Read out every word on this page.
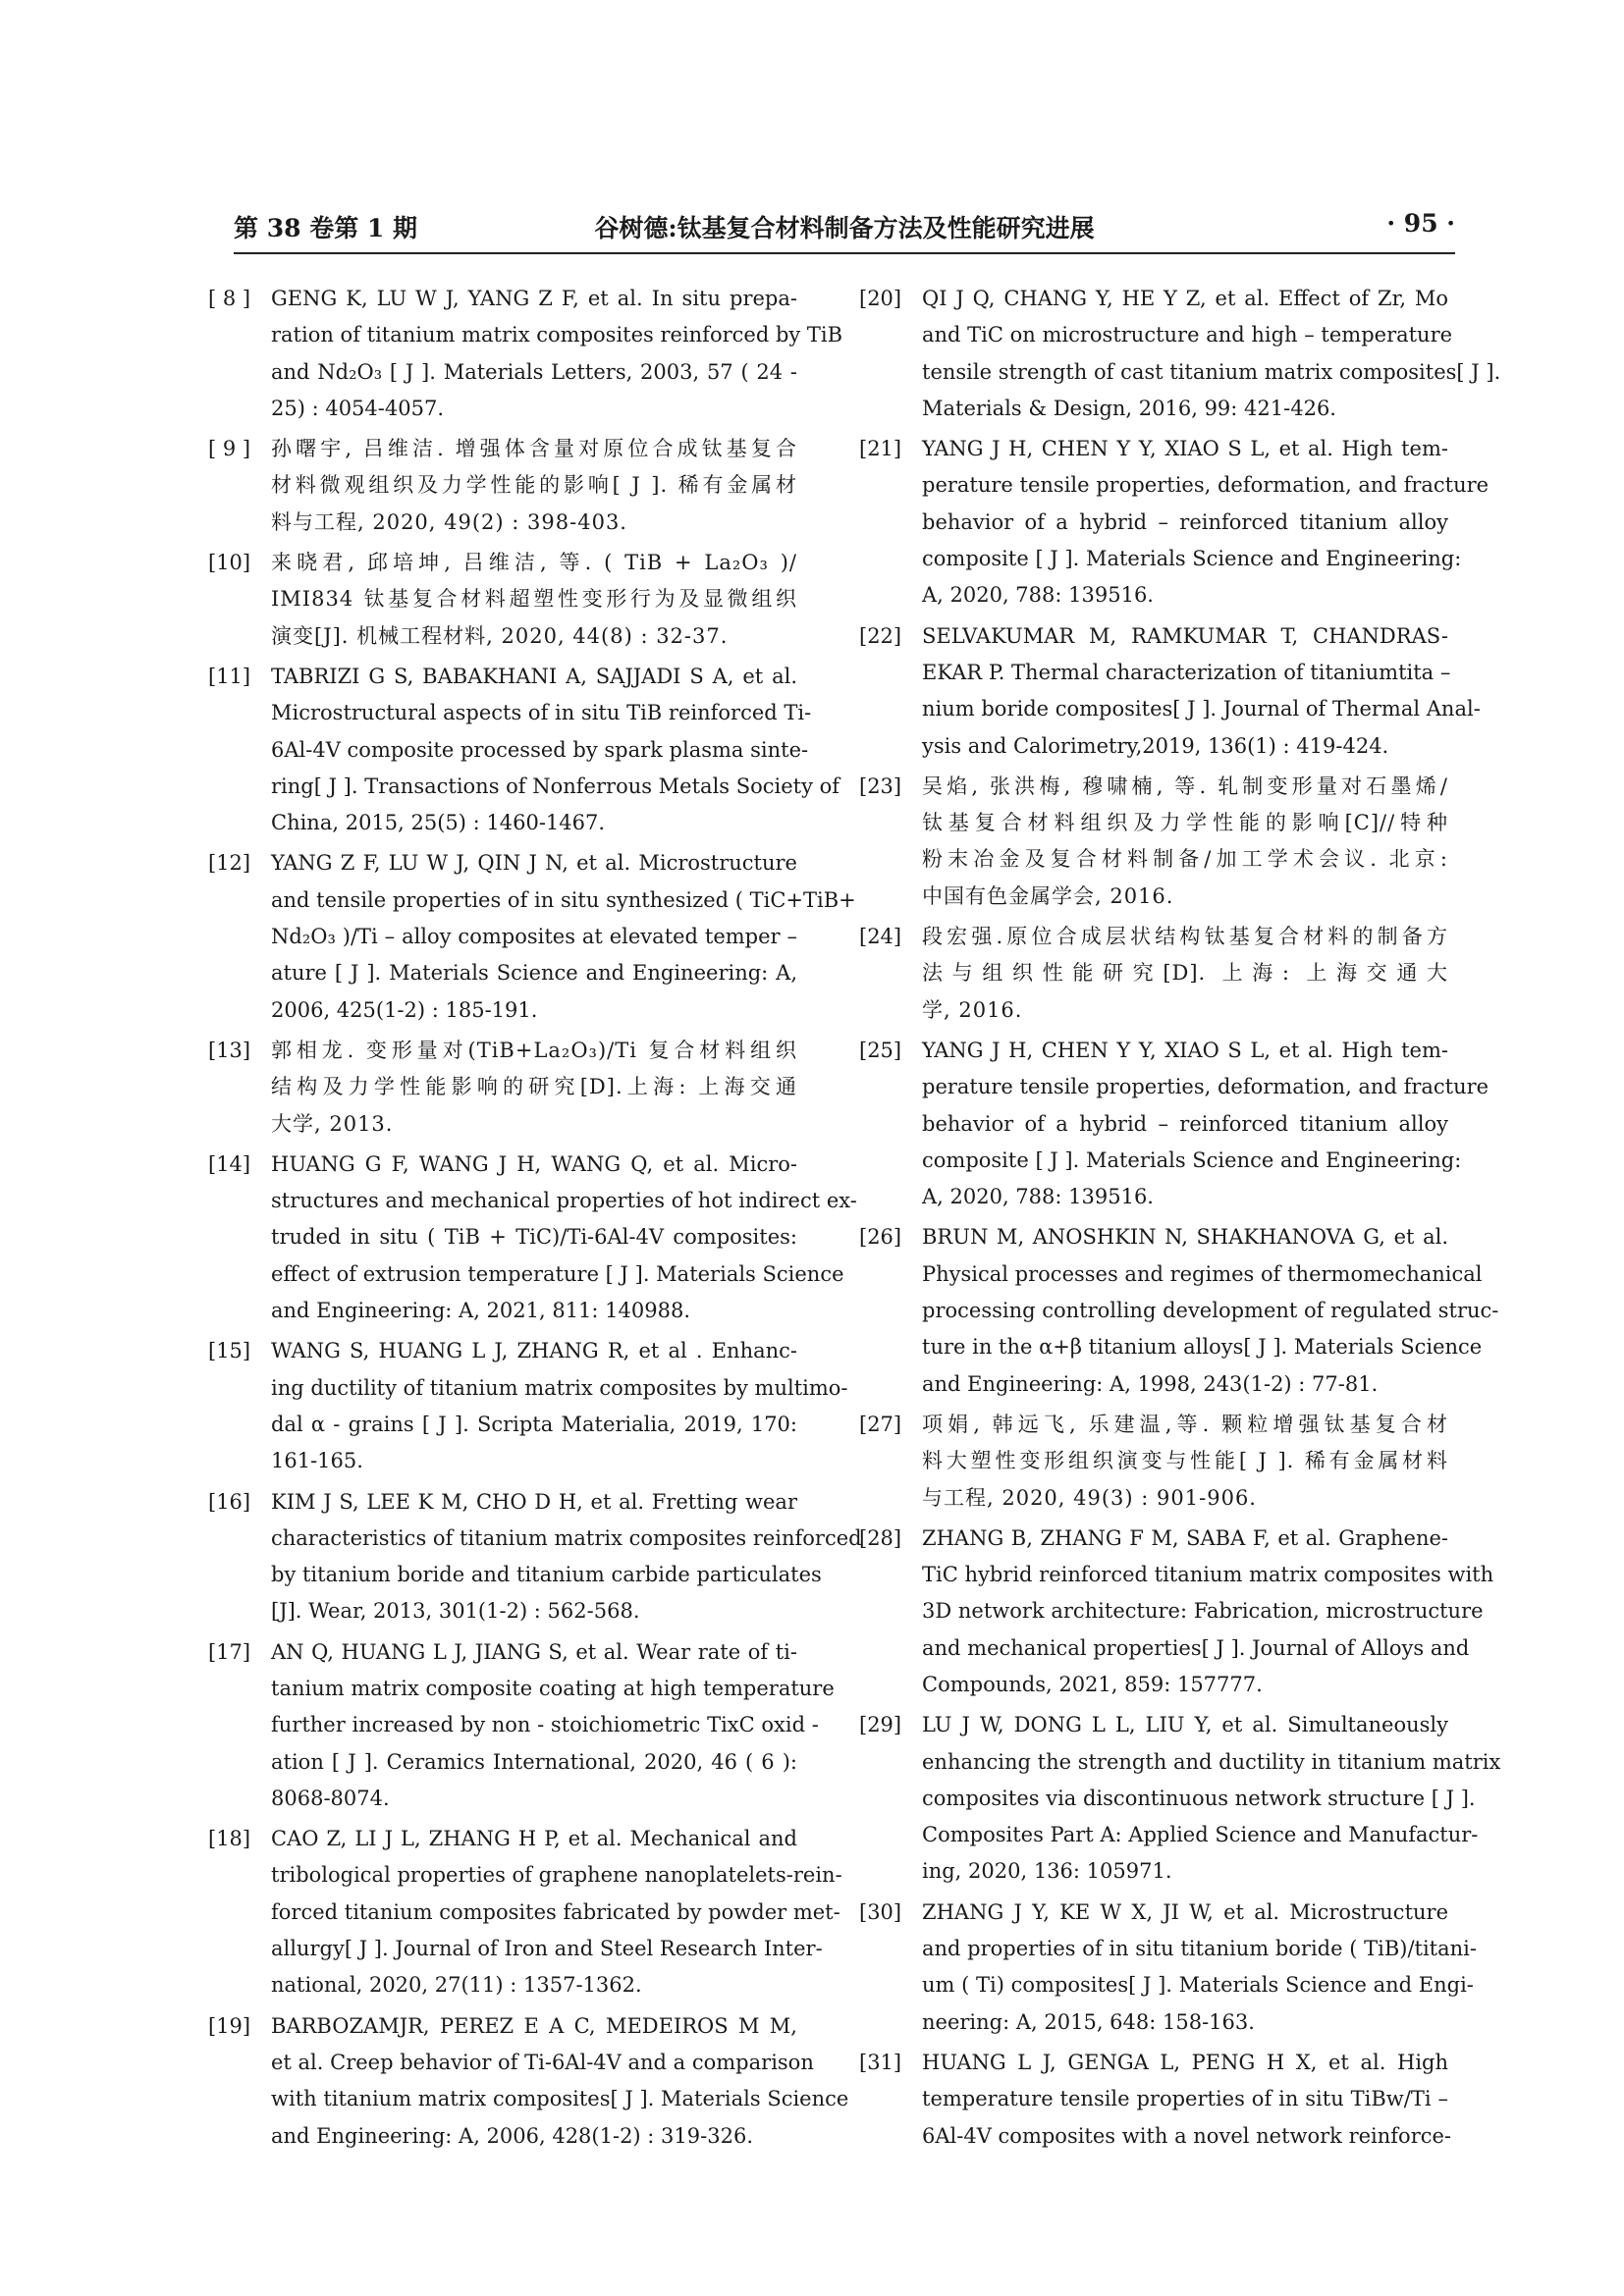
第 38 卷第 1 期	谷树德:钛基复合材料制备方法及性能研究进展	· 95 ·
[ 8 ] GENG K, LU W J, YANG Z F, et al. In situ prepa-
ration of titanium matrix composites reinforced by TiB
and Nd₂O₃ [ J ]. Materials Letters, 2003, 57 ( 24 -
25) : 4054-4057.
[ 9 ] 孙曙宇, 吕维洁. 增强体含量对原位合成钛基复合
材料微观组织及力学性能的影响[ J ]. 稀有金属材
料与工程, 2020, 49(2) : 398-403.
[10] 来晓君, 邱培坤, 吕维洁, 等. ( TiB + La₂O₃ )/
IMI834 钛基复合材料超塑性变形行为及显微组织
演变[J]. 机械工程材料, 2020, 44(8) : 32-37.
[11] TABRIZI G S, BABAKHANI A, SAJJADI S A, et al.
Microstructural aspects of in situ TiB reinforced Ti-
6Al-4V composite processed by spark plasma sinte-
ring[ J ]. Transactions of Nonferrous Metals Society of
China, 2015, 25(5) : 1460-1467.
[12] YANG Z F, LU W J, QIN J N, et al. Microstructure
and tensile properties of in situ synthesized ( TiC+TiB+
Nd₂O₃ )/Ti – alloy composites at elevated temper –
ature [ J ]. Materials Science and Engineering: A,
2006, 425(1-2) : 185-191.
[13] 郭相龙. 变形量对(TiB+La₂O₃)/Ti 复合材料组织
结构及力学性能影响的研究[D].上海: 上海交通
大学, 2013.
[14] HUANG G F, WANG J H, WANG Q, et al. Micro-
structures and mechanical properties of hot indirect ex-
truded in situ ( TiB + TiC)/Ti-6Al-4V composites:
effect of extrusion temperature [ J ]. Materials Science
and Engineering: A, 2021, 811: 140988.
[15] WANG S, HUANG L J, ZHANG R, et al . Enhanc-
ing ductility of titanium matrix composites by multimo-
dal α - grains [ J ]. Scripta Materialia, 2019, 170:
161-165.
[16] KIM J S, LEE K M, CHO D H, et al. Fretting wear
characteristics of titanium matrix composites reinforced
by titanium boride and titanium carbide particulates
[J]. Wear, 2013, 301(1-2) : 562-568.
[17] AN Q, HUANG L J, JIANG S, et al. Wear rate of ti-
tanium matrix composite coating at high temperature
further increased by non - stoichiometric TixC oxid -
ation [ J ]. Ceramics International, 2020, 46 ( 6 ):
8068-8074.
[18] CAO Z, LI J L, ZHANG H P, et al. Mechanical and
tribological properties of graphene nanoplatelets-rein-
forced titanium composites fabricated by powder met-
allurgy[ J ]. Journal of Iron and Steel Research Inter-
national, 2020, 27(11) : 1357-1362.
[19] BARBOZAMJR, PEREZ E A C, MEDEIROS M M,
et al. Creep behavior of Ti-6Al-4V and a comparison
with titanium matrix composites[ J ]. Materials Science
and Engineering: A, 2006, 428(1-2) : 319-326.
[20] QI J Q, CHANG Y, HE Y Z, et al. Effect of Zr, Mo
and TiC on microstructure and high – temperature
tensile strength of cast titanium matrix composites[ J ].
Materials & Design, 2016, 99: 421-426.
[21] YANG J H, CHEN Y Y, XIAO S L, et al. High tem-
perature tensile properties, deformation, and fracture
behavior of a hybrid – reinforced titanium alloy
composite [ J ]. Materials Science and Engineering:
A, 2020, 788: 139516.
[22] SELVAKUMAR M, RAMKUMAR T, CHANDRAS-
EKAR P. Thermal characterization of titaniumtita –
nium boride composites[ J ]. Journal of Thermal Anal-
ysis and Calorimetry,2019, 136(1) : 419-424.
[23] 吴焰, 张洪梅, 穆啸楠, 等. 轧制变形量对石墨烯/
钛基复合材料组织及力学性能的影响[C]//特种
粉末冶金及复合材料制备/加工学术会议. 北京:
中国有色金属学会, 2016.
[24] 段宏强.原位合成层状结构钛基复合材料的制备方
法与组织性能研究[D]. 上海: 上海交通大
学, 2016.
[25] YANG J H, CHEN Y Y, XIAO S L, et al. High tem-
perature tensile properties, deformation, and fracture
behavior of a hybrid – reinforced titanium alloy
composite [ J ]. Materials Science and Engineering:
A, 2020, 788: 139516.
[26] BRUN M, ANOSHKIN N, SHAKHANOVA G, et al.
Physical processes and regimes of thermomechanical
processing controlling development of regulated struc-
ture in the α+β titanium alloys[ J ]. Materials Science
and Engineering: A, 1998, 243(1-2) : 77-81.
[27] 项娟, 韩远飞, 乐建温,等. 颗粒增强钛基复合材
料大塑性变形组织演变与性能[ J ]. 稀有金属材料
与工程, 2020, 49(3) : 901-906.
[28] ZHANG B, ZHANG F M, SABA F, et al. Graphene-
TiC hybrid reinforced titanium matrix composites with
3D network architecture: Fabrication, microstructure
and mechanical properties[ J ]. Journal of Alloys and
Compounds, 2021, 859: 157777.
[29] LU J W, DONG L L, LIU Y, et al. Simultaneously
enhancing the strength and ductility in titanium matrix
composites via discontinuous network structure [ J ].
Composites Part A: Applied Science and Manufactur-
ing, 2020, 136: 105971.
[30] ZHANG J Y, KE W X, JI W, et al. Microstructure
and properties of in situ titanium boride ( TiB)/titani-
um ( Ti) composites[ J ]. Materials Science and Engi-
neering: A, 2015, 648: 158-163.
[31] HUANG L J, GENGA L, PENG H X, et al. High
temperature tensile properties of in situ TiBw/Ti –
6Al-4V composites with a novel network reinforce-
